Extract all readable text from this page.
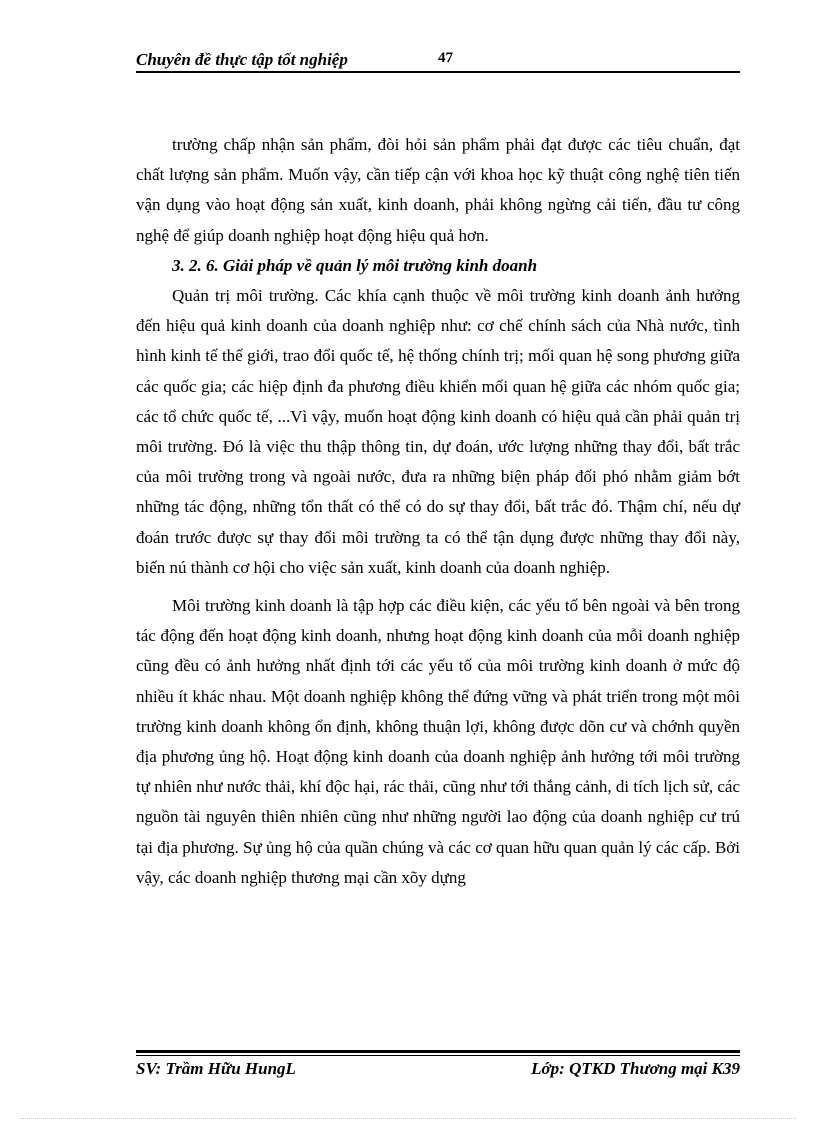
Chuyên đề thực tập tốt nghiệp	47

trường chấp nhận sản phẩm, đòi hỏi sản phẩm phải đạt được các tiêu chuẩn, đạt chất lượng sản phẩm. Muốn vậy, cần tiếp cận với khoa học kỹ thuật công nghệ tiên tiến vận dụng vào hoạt động sản xuất, kinh doanh, phải không ngừng cải tiến, đầu tư công nghệ để giúp doanh nghiệp hoạt động hiệu quả hơn.

3. 2. 6. Giải pháp về quản lý môi trường kinh doanh

Quản trị môi trường. Các khía cạnh thuộc về môi trường kinh doanh ảnh hưởng đến hiệu quả kinh doanh của doanh nghiệp như: cơ chế chính sách của Nhà nước, tình hình kinh tế thế giới, trao đổi quốc tế, hệ thống chính trị; mối quan hệ song phương giữa các quốc gia; các hiệp định đa phương điều khiển mối quan hệ giữa các nhóm quốc gia; các tổ chức quốc tế, ...Vì vậy, muốn hoạt động kinh doanh có hiệu quả cần phải quản trị môi trường. Đó là việc thu thập thông tin, dự đoán, ước lượng những thay đổi, bất trắc của môi trường trong và ngoài nước, đưa ra những biện pháp đối phó nhằm giảm bớt những tác động, những tổn thất có thể có do sự thay đổi, bất trắc đó. Thậm chí, nếu dự đoán trước được sự thay đổi môi trường ta có thể tận dụng được những thay đổi này, biến nú thành cơ hội cho việc sản xuất, kinh doanh của doanh nghiệp.

Môi trường kinh doanh là tập hợp các điều kiện, các yếu tố bên ngoài và bên trong tác động đến hoạt động kinh doanh, nhưng hoạt động kinh doanh của mỗi doanh nghiệp cũng đều có ảnh hưởng nhất định tới các yếu tố của môi trường kinh doanh ở mức độ nhiều ít khác nhau. Một doanh nghiệp không thể đứng vững và phát triển trong một môi trường kinh doanh không ổn định, không thuận lợi, không được dõn cư và chớnh quyền địa phương ủng hộ. Hoạt động kinh doanh của doanh nghiệp ảnh hưởng tới môi trường tự nhiên như nước thải, khí độc hại, rác thải, cũng như tới thắng cảnh, di tích lịch sử, các nguồn tài nguyên thiên nhiên cũng như những người lao động của doanh nghiệp cư trú tại địa phương. Sự ủng hộ của quần chúng và các cơ quan hữu quan quản lý các cấp. Bởi vậy, các doanh nghiệp thương mại cần xõy dựng

SV: Trầm Hữu HungL	Lớp: QTKD Thương mại K39
